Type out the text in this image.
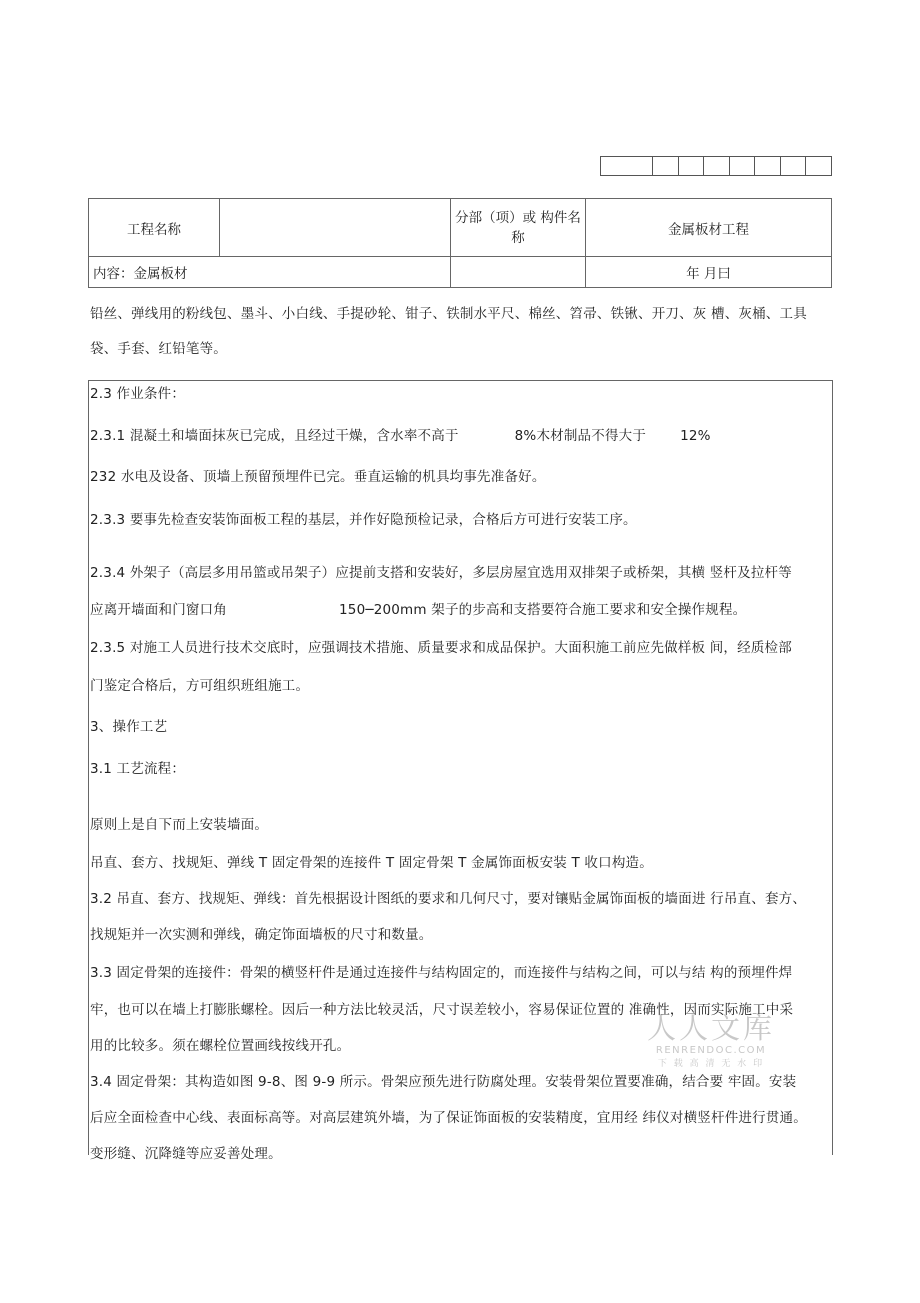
工程名称		分部（项）或 构件名称	金属板材工程
内容：金属板材			年 月曰
铅丝、弹线用的粉线包、墨斗、小白线、手提砂轮、钳子、铁制水平尺、棉丝、笤帚、铁锹、开刀、灰 槽、灰桶、工具袋、手套、红铅笔等。
2.3 作业条件：
2.3.1 混凝土和墙面抹灰已完成，且经过干燥，含水率不高于	8%木材制品不得大于	12%
232 水电及设备、顶墙上预留预埋件已完。垂直运输的机具均事先准备好。
2.3.3 要事先检查安装饰面板工程的基层，并作好隐预检记录，合格后方可进行安装工序。
2.3.4 外架子（高层多用吊篮或吊架子）应提前支搭和安装好，多层房屋宜选用双排架子或桥架，其横 竖杆及拉杆等
应离开墙面和门窗口角	150─200mm 架子的步高和支搭要符合施工要求和安全操作规程。
2.3.5 对施工人员进行技术交底时，应强调技术措施、质量要求和成品保护。大面积施工前应先做样板 间，经质检部
门鉴定合格后，方可组织班组施工。
3、操作工艺
3.1 工艺流程：
原则上是自下而上安装墙面。
吊直、套方、找规矩、弹线 T 固定骨架的连接件 T 固定骨架 T 金属饰面板安装 T 收口构造。
3.2 吊直、套方、找规矩、弹线：首先根据设计图纸的要求和几何尺寸，要对镶贴金属饰面板的墙面进 行吊直、套方、
找规矩并一次实测和弹线，确定饰面墙板的尺寸和数量。
3.3 固定骨架的连接件：骨架的横竖杆件是通过连接件与结构固定的，而连接件与结构之间，可以与结 构的预埋件焊
牢，也可以在墙上打膨胀螺栓。因后一种方法比较灵活，尺寸误差较小，容易保证位置的 准确性，因而实际施工中采
用的比较多。须在螺栓位置画线按线开孔。
3.4 固定骨架：其构造如图 9-8、图 9-9 所示。骨架应预先进行防腐处理。安装骨架位置要准确，结合要 牢固。安装
后应全面检查中心线、表面标高等。对高层建筑外墙，为了保证饰面板的安装精度，宜用经 纬仪对横竖杆件进行贯通。
变形缝、沉降缝等应妥善处理。
人人文库
RENRENDOC.COM
下 载 高 清 无 水 印
